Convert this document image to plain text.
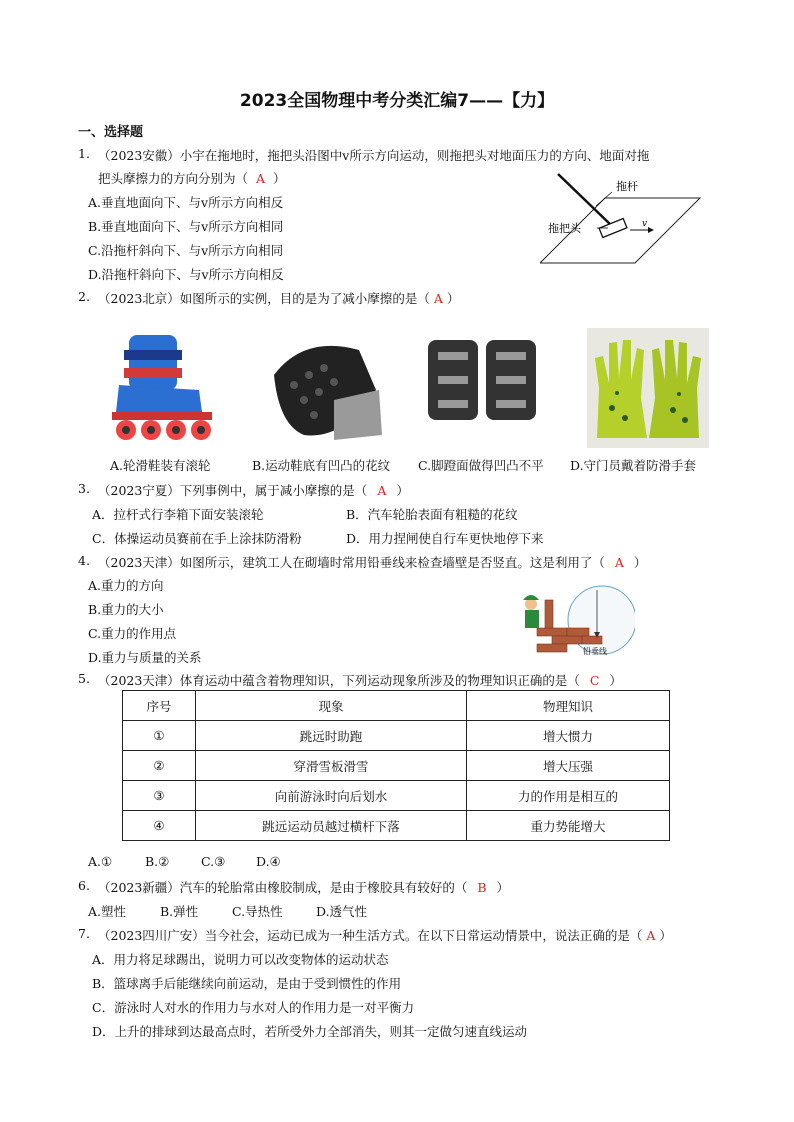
2023全国物理中考分类汇编7——【力】
一、选择题
1. （2023安徽）小宇在拖地时，拖把头沿图中v所示方向运动，则拖把头对地面压力的方向、地面对拖
把头摩擦力的方向分别为（ A ）
A.垂直地面向下、与v所示方向相反
B.垂直地面向下、与v所示方向相同
C.沿拖杆斜向下、与v所示方向相同
D.沿拖杆斜向下、与v所示方向相反
拖杆
拖把头	v
2. （2023北京）如图所示的实例，目的是为了减小摩擦的是（ A ）
A.轮滑鞋装有滚轮	B.运动鞋底有凹凸的花纹 C.脚蹬面做得凹凸不平 D.守门员戴着防滑手套
3. （2023宁夏）下列事例中，属于减小摩擦的是（ A ）
A．拉杆式行李箱下面安装滚轮	B．汽车轮胎表面有粗糙的花纹
C．体操运动员赛前在手上涂抹防滑粉	D．用力捏闸使自行车更快地停下来
4. （2023天津）如图所示，建筑工人在砌墙时常用铅垂线来检查墙壁是否竖直。这是利用了（ A ）
A.重力的方向
B.重力的大小
C.重力的作用点
D.重力与质量的关系	铅垂线
5. （2023天津）体育运动中蕴含着物理知识，下列运动现象所涉及的物理知识正确的是（ C ）
序号	现象	物理知识
①	跳远时助跑	增大惯力
②	穿滑雪板滑雪	增大压强
③	向前游泳时向后划水	力的作用是相互的
④	跳远运动员越过横杆下落	重力势能增大
A.①	B.②	C.③ D.④
6. （2023新疆）汽车的轮胎常由橡胶制成，是由于橡胶具有较好的（ B ）
A.塑性	B.弹性	C.导热性	D.透气性
7. （2023四川广安）当今社会，运动已成为一种生活方式。在以下日常运动情景中，说法正确的是（ A ）
A．用力将足球踢出，说明力可以改变物体的运动状态
B．篮球离手后能继续向前运动，是由于受到惯性的作用
C．游泳时人对水的作用力与水对人的作用力是一对平衡力
D．上升的排球到达最高点时，若所受外力全部消失，则其一定做匀速直线运动
